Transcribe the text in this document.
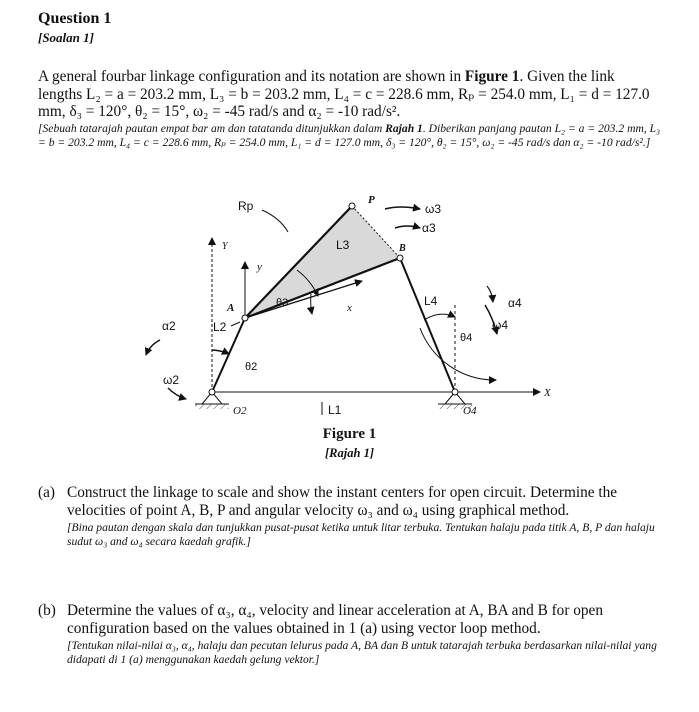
Question 1
[Soalan 1]
A general fourbar linkage configuration and its notation are shown in Figure 1. Given the link lengths L₂ = a = 203.2 mm, L₃ = b = 203.2 mm, L₄ = c = 228.6 mm, Rₚ = 254.0 mm, L₁ = d = 127.0 mm, δ₃ = 120°, θ₂ = 15°, ω₂ = -45 rad/s and α₂ = -10 rad/s².
[Sebuah tatarajah pautan empat bar am dan tatatanda ditunjukkan dalam Rajah 1. Diberikan panjang pautan L₂ = a = 203.2 mm, L₃ = b = 203.2 mm, L₄ = c = 228.6 mm, Rₚ = 254.0 mm, L₁ = d = 127.0 mm, δ₃ = 120°, θ₂ = 15°, ω₂ = -45 rad/s dan α₂ = -10 rad/s².]
Rp	P
ω3
α3
L3	B
Y
y
A	θ3	x	L4	α4
ω4
θ4
α2	L2
θ2
ω2
X
O2	L1	O4
Figure 1
[Rajah 1]
(a) Construct the linkage to scale and show the instant centers for open circuit. Determine the velocities of point A, B, P and angular velocity ω₃ and ω₄ using graphical method.
[Bina pautan dengan skala dan tunjukkan pusat-pusat ketika untuk litar terbuka. Tentukan halaju pada titik A, B, P dan halaju sudut ω₃ and ω₄ secara kaedah grafik.]
(b) Determine the values of α₃, α₄, velocity and linear acceleration at A, BA and B for open configuration based on the values obtained in 1 (a) using vector loop method.
[Tentukan nilai-nilai α₃, α₄, halaju dan pecutan lelurus pada A, BA dan B untuk tatarajah terbuka berdasarkan nilai-nilai yang didapati di 1 (a) menggunakan kaedah gelung vektor.]
